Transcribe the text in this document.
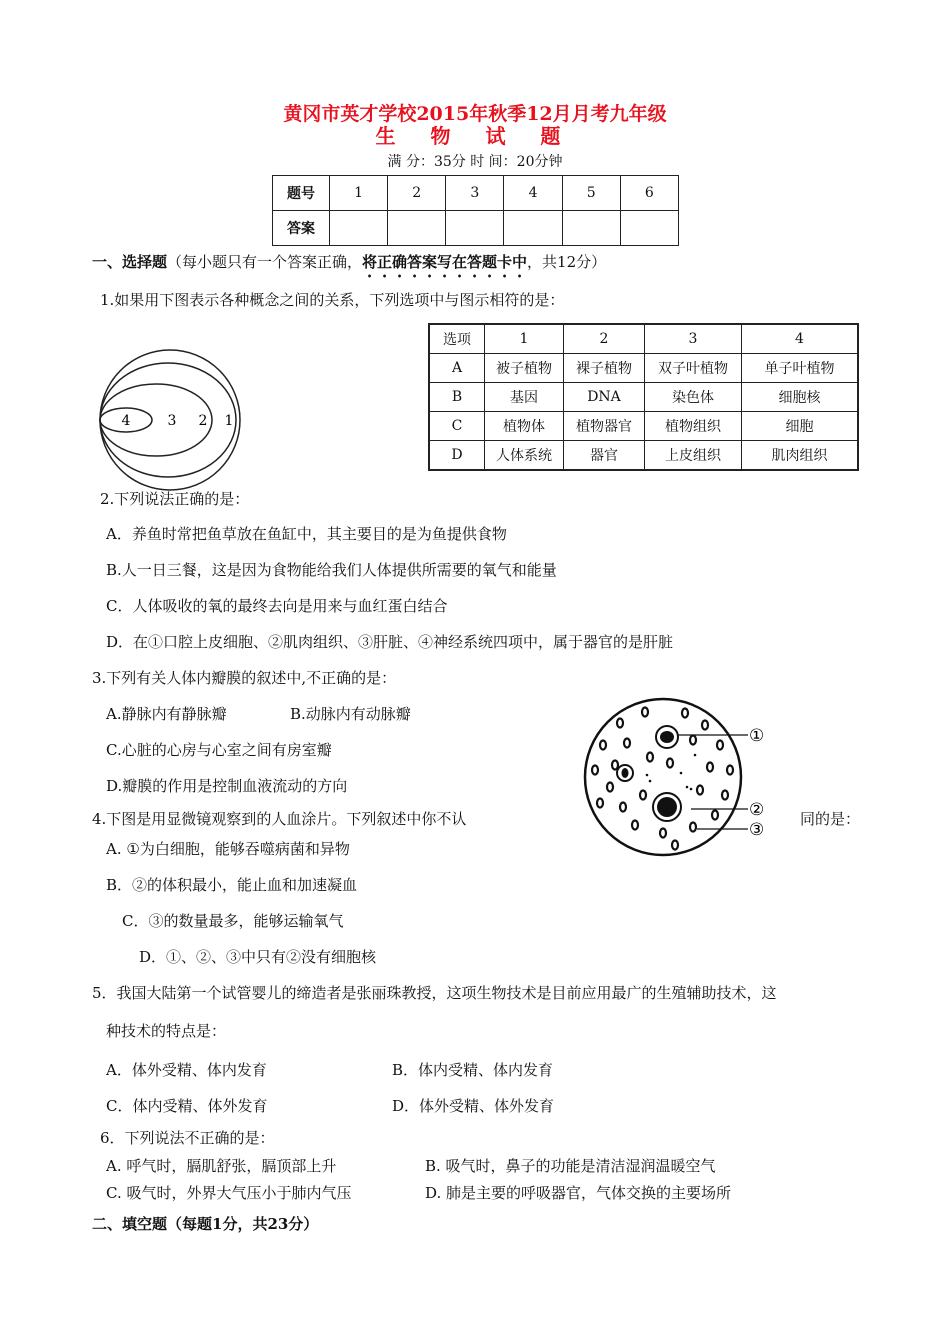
黄冈市英才学校2015年秋季12月月考九年级
生 物 试 题
满 分：35分 时 间：20分钟
题号	1	2	3	4	5	6
答案						
一、选择题（每小题只有一个答案正确，将正确答案写在答题卡中，共12分）
1.如果用下图表示各种概念之间的关系，下列选项中与图示相符的是：
4	3 2 1
选项	1	2	3	4
A	被子植物	裸子植物	双子叶植物	单子叶植物
B	基因	DNA	染色体	细胞核
C	植物体	植物器官	植物组织	细胞
D	人体系统	器官	上皮组织	肌肉组织
2.下列说法正确的是：
A．养鱼时常把鱼草放在鱼缸中，其主要目的是为鱼提供食物
B.人一日三餐，这是因为食物能给我们人体提供所需要的氧气和能量
C．人体吸收的氧的最终去向是用来与血红蛋白结合
D．在①口腔上皮细胞、②肌肉组织、③肝脏、④神经系统四项中，属于器官的是肝脏
3.下列有关人体内瓣膜的叙述中,不正确的是：
A.静脉内有静脉瓣	B.动脉内有动脉瓣
C.心脏的心房与心室之间有房室瓣
D.瓣膜的作用是控制血液流动的方向
①
②
③
4.下图是用显微镜观察到的人血涂片。下列叙述中你不认	同的是：
A. ①为白细胞，能够吞噬病菌和异物
B．②的体积最小，能止血和加速凝血
C．③的数量最多，能够运输氧气
D．①、②、③中只有②没有细胞核
5．我国大陆第一个试管婴儿的缔造者是张丽珠教授，这项生物技术是目前应用最广的生殖辅助技术，这
种技术的特点是：
A．体外受精、体内发育	B．体内受精、体内发育
C．体内受精、体外发育	D．体外受精、体外发育
6．下列说法不正确的是：
A. 呼气时，膈肌舒张，膈顶部上升	B. 吸气时，鼻子的功能是清洁湿润温暖空气
C. 吸气时，外界大气压小于肺内气压	D. 肺是主要的呼吸器官，气体交换的主要场所
二、填空题（每题1分，共23分）
